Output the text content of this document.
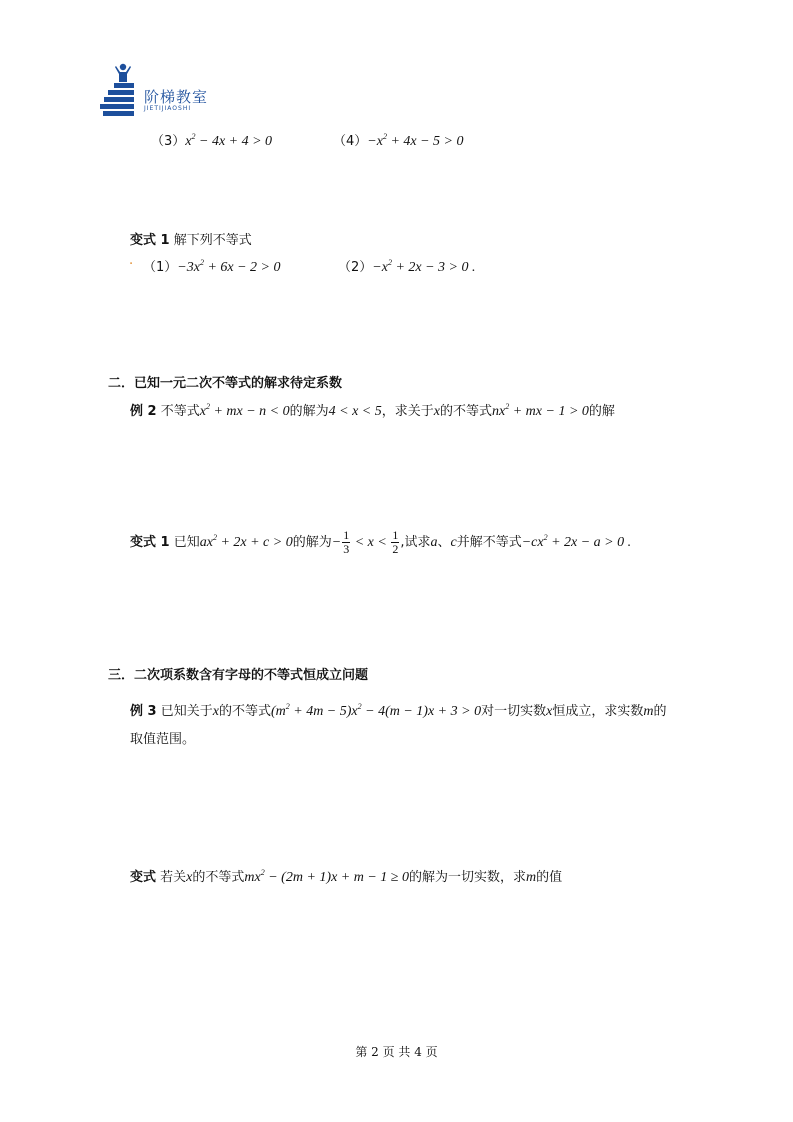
阶梯教室
JIETIJIAOSHI
$(3)x^2 - 4x + 4 > 0$	$(4)-x^2 + 4x - 5 > 0$
变式 1 解下列不等式
. $(1)-3x^2 + 6x - 2 > 0$	$(2)-x^2 + 2x - 3 > 0$ .
二．已知一元二次不等式的解求待定系数
例 2 不等式$x^2$ + mx − n < 0的解为4 < x < 5，求关于x的不等式$nx^2$ + mx − 1 > 0的解
变式 1 已知$ax^2 + 2x + c > 0$的解为− $\frac{1}{3} < x < \frac{1}{2}$ ,试求a、c并解不等式$-cx^2 + 2x - a > 0$ .
三．二次项系数含有字母的不等式恒成立问题
例 3 已知关于x的不等式$(m^2 + 4m - 5)x^2 - 4(m - 1)x + 3 > 0$对一切实数x恒成立，求实数m的
取值范围。
变式 若关x的不等式$mx^2 - (2m + 1)x + m - 1 \ge 0$的解为一切实数，求m的值
第 2 页 共 4 页
